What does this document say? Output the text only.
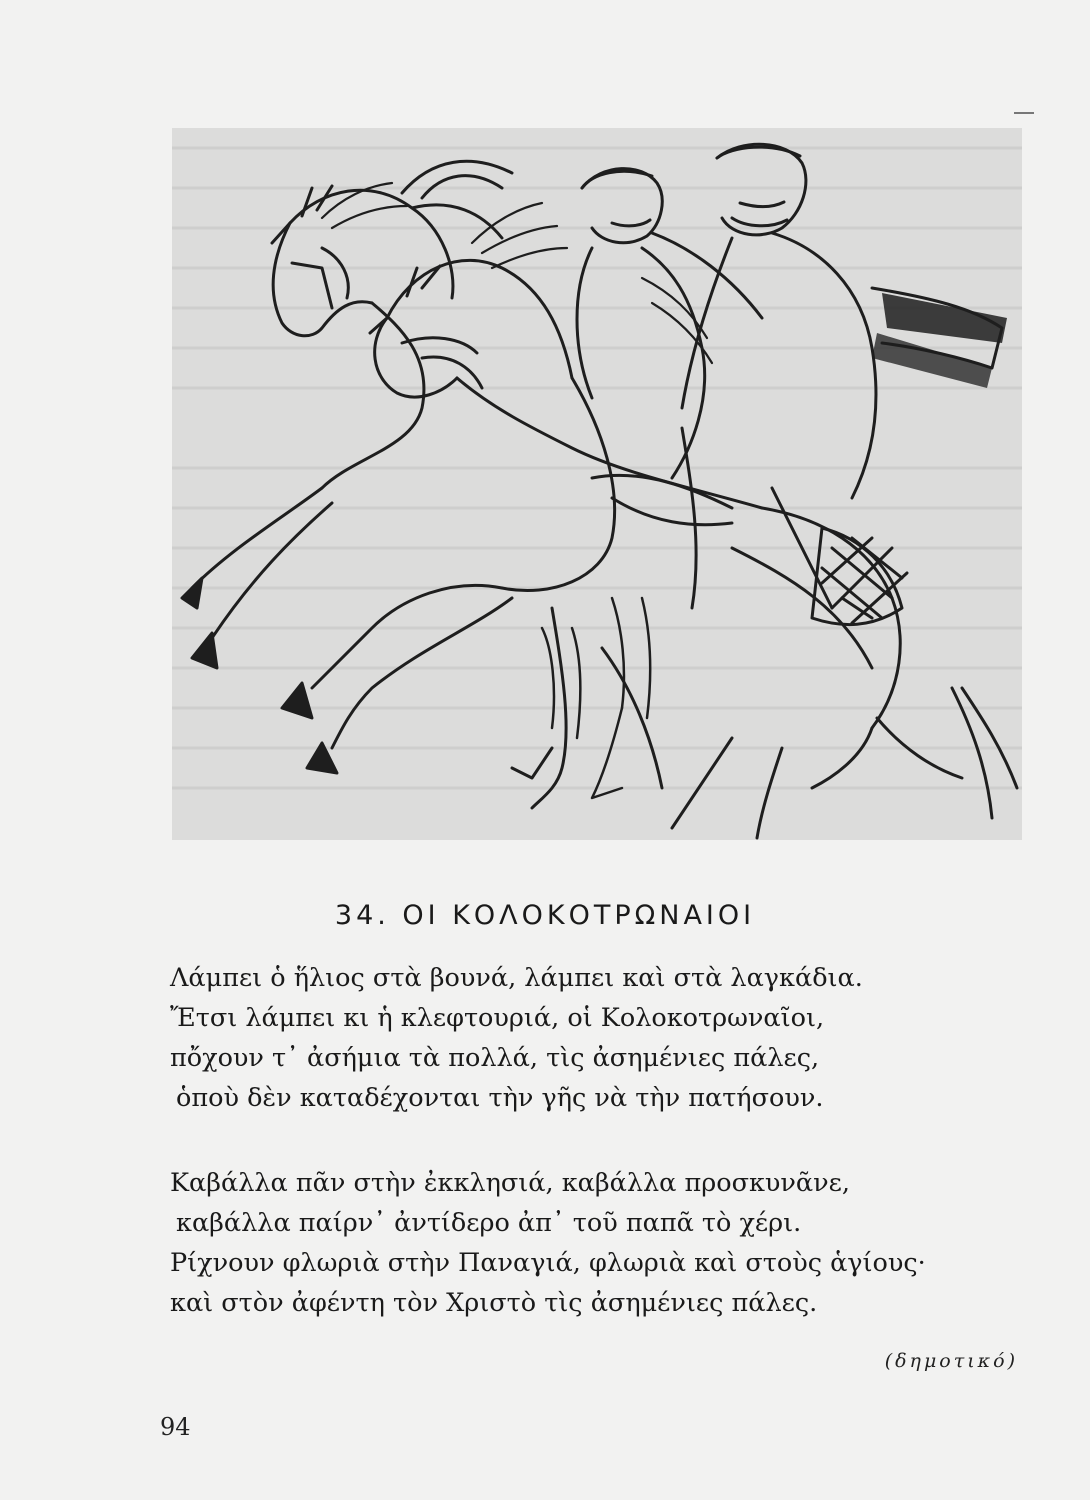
34. ΟΙ ΚΟΛΟΚΟΤΡΩΝΑΙΟΙ
Λάμπει ὁ ἥλιος στὰ βουνά, λάμπει καὶ στὰ λαγκάδια.
Ἔτσι λάμπει κι ἡ κλεφτουριά, οἱ Κολοκοτρωναῖοι,
πὄχουν τ᾽ ἀσήμια τὰ πολλά, τὶς ἀσημένιες πάλες,
ὁποὺ δὲν καταδέχονται τὴν γῆς νὰ τὴν πατήσουν.
Καβάλλα πᾶν στὴν ἐκκλησιά, καβάλλα προσκυνᾶνε,
καβάλλα παίρν᾽ ἀντίδερο ἀπ᾽ τοῦ παπᾶ τὸ χέρι.
Ρίχνουν φλωριὰ στὴν Παναγιά, φλωριὰ καὶ στοὺς ἁγίους·
καὶ στὸν ἀφέντη τὸν Χριστὸ τὶς ἀσημένιες πάλες.
(δημοτικό)
94
